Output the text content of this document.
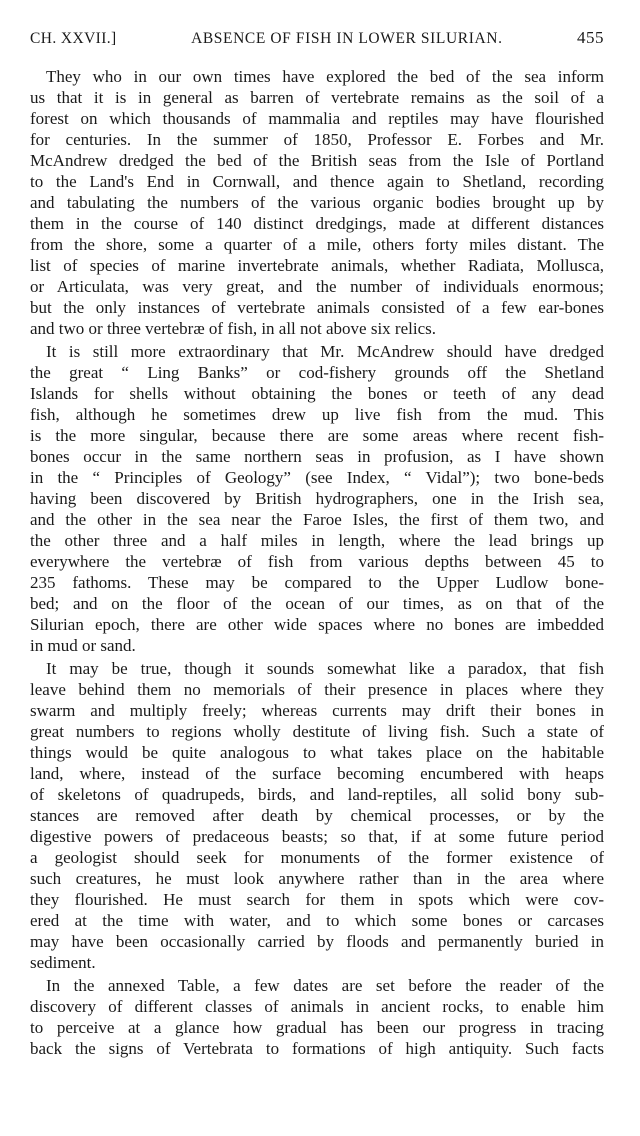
CH. XXVII.]	ABSENCE OF FISH IN LOWER SILURIAN.	455
They who in our own times have explored the bed of the sea inform
us that it is in general as barren of vertebrate remains as the soil of a
forest on which thousands of mammalia and reptiles may have flourished
for centuries. In the summer of 1850, Professor E. Forbes and Mr.
McAndrew dredged the bed of the British seas from the Isle of Portland
to the Land's End in Cornwall, and thence again to Shetland, recording
and tabulating the numbers of the various organic bodies brought up by
them in the course of 140 distinct dredgings, made at different distances
from the shore, some a quarter of a mile, others forty miles distant. The
list of species of marine invertebrate animals, whether Radiata, Mollusca,
or Articulata, was very great, and the number of individuals enormous;
but the only instances of vertebrate animals consisted of a few ear-bones
and two or three vertebræ of fish, in all not above six relics.
It is still more extraordinary that Mr. McAndrew should have dredged
the great “ Ling Banks” or cod-fishery grounds off the Shetland
Islands for shells without obtaining the bones or teeth of any dead
fish, although he sometimes drew up live fish from the mud. This
is the more singular, because there are some areas where recent fish-
bones occur in the same northern seas in profusion, as I have shown
in the “ Principles of Geology” (see Index, “ Vidal”); two bone-beds
having been discovered by British hydrographers, one in the Irish sea,
and the other in the sea near the Faroe Isles, the first of them two, and
the other three and a half miles in length, where the lead brings up
everywhere the vertebræ of fish from various depths between 45 to
235 fathoms. These may be compared to the Upper Ludlow bone-
bed; and on the floor of the ocean of our times, as on that of the
Silurian epoch, there are other wide spaces where no bones are imbedded
in mud or sand.
It may be true, though it sounds somewhat like a paradox, that fish
leave behind them no memorials of their presence in places where they
swarm and multiply freely; whereas currents may drift their bones in
great numbers to regions wholly destitute of living fish. Such a state of
things would be quite analogous to what takes place on the habitable
land, where, instead of the surface becoming encumbered with heaps
of skeletons of quadrupeds, birds, and land-reptiles, all solid bony sub-
stances are removed after death by chemical processes, or by the
digestive powers of predaceous beasts; so that, if at some future period
a geologist should seek for monuments of the former existence of
such creatures, he must look anywhere rather than in the area where
they flourished. He must search for them in spots which were cov-
ered at the time with water, and to which some bones or carcases
may have been occasionally carried by floods and permanently buried in
sediment.
In the annexed Table, a few dates are set before the reader of the
discovery of different classes of animals in ancient rocks, to enable him
to perceive at a glance how gradual has been our progress in tracing
back the signs of Vertebrata to formations of high antiquity. Such facts
